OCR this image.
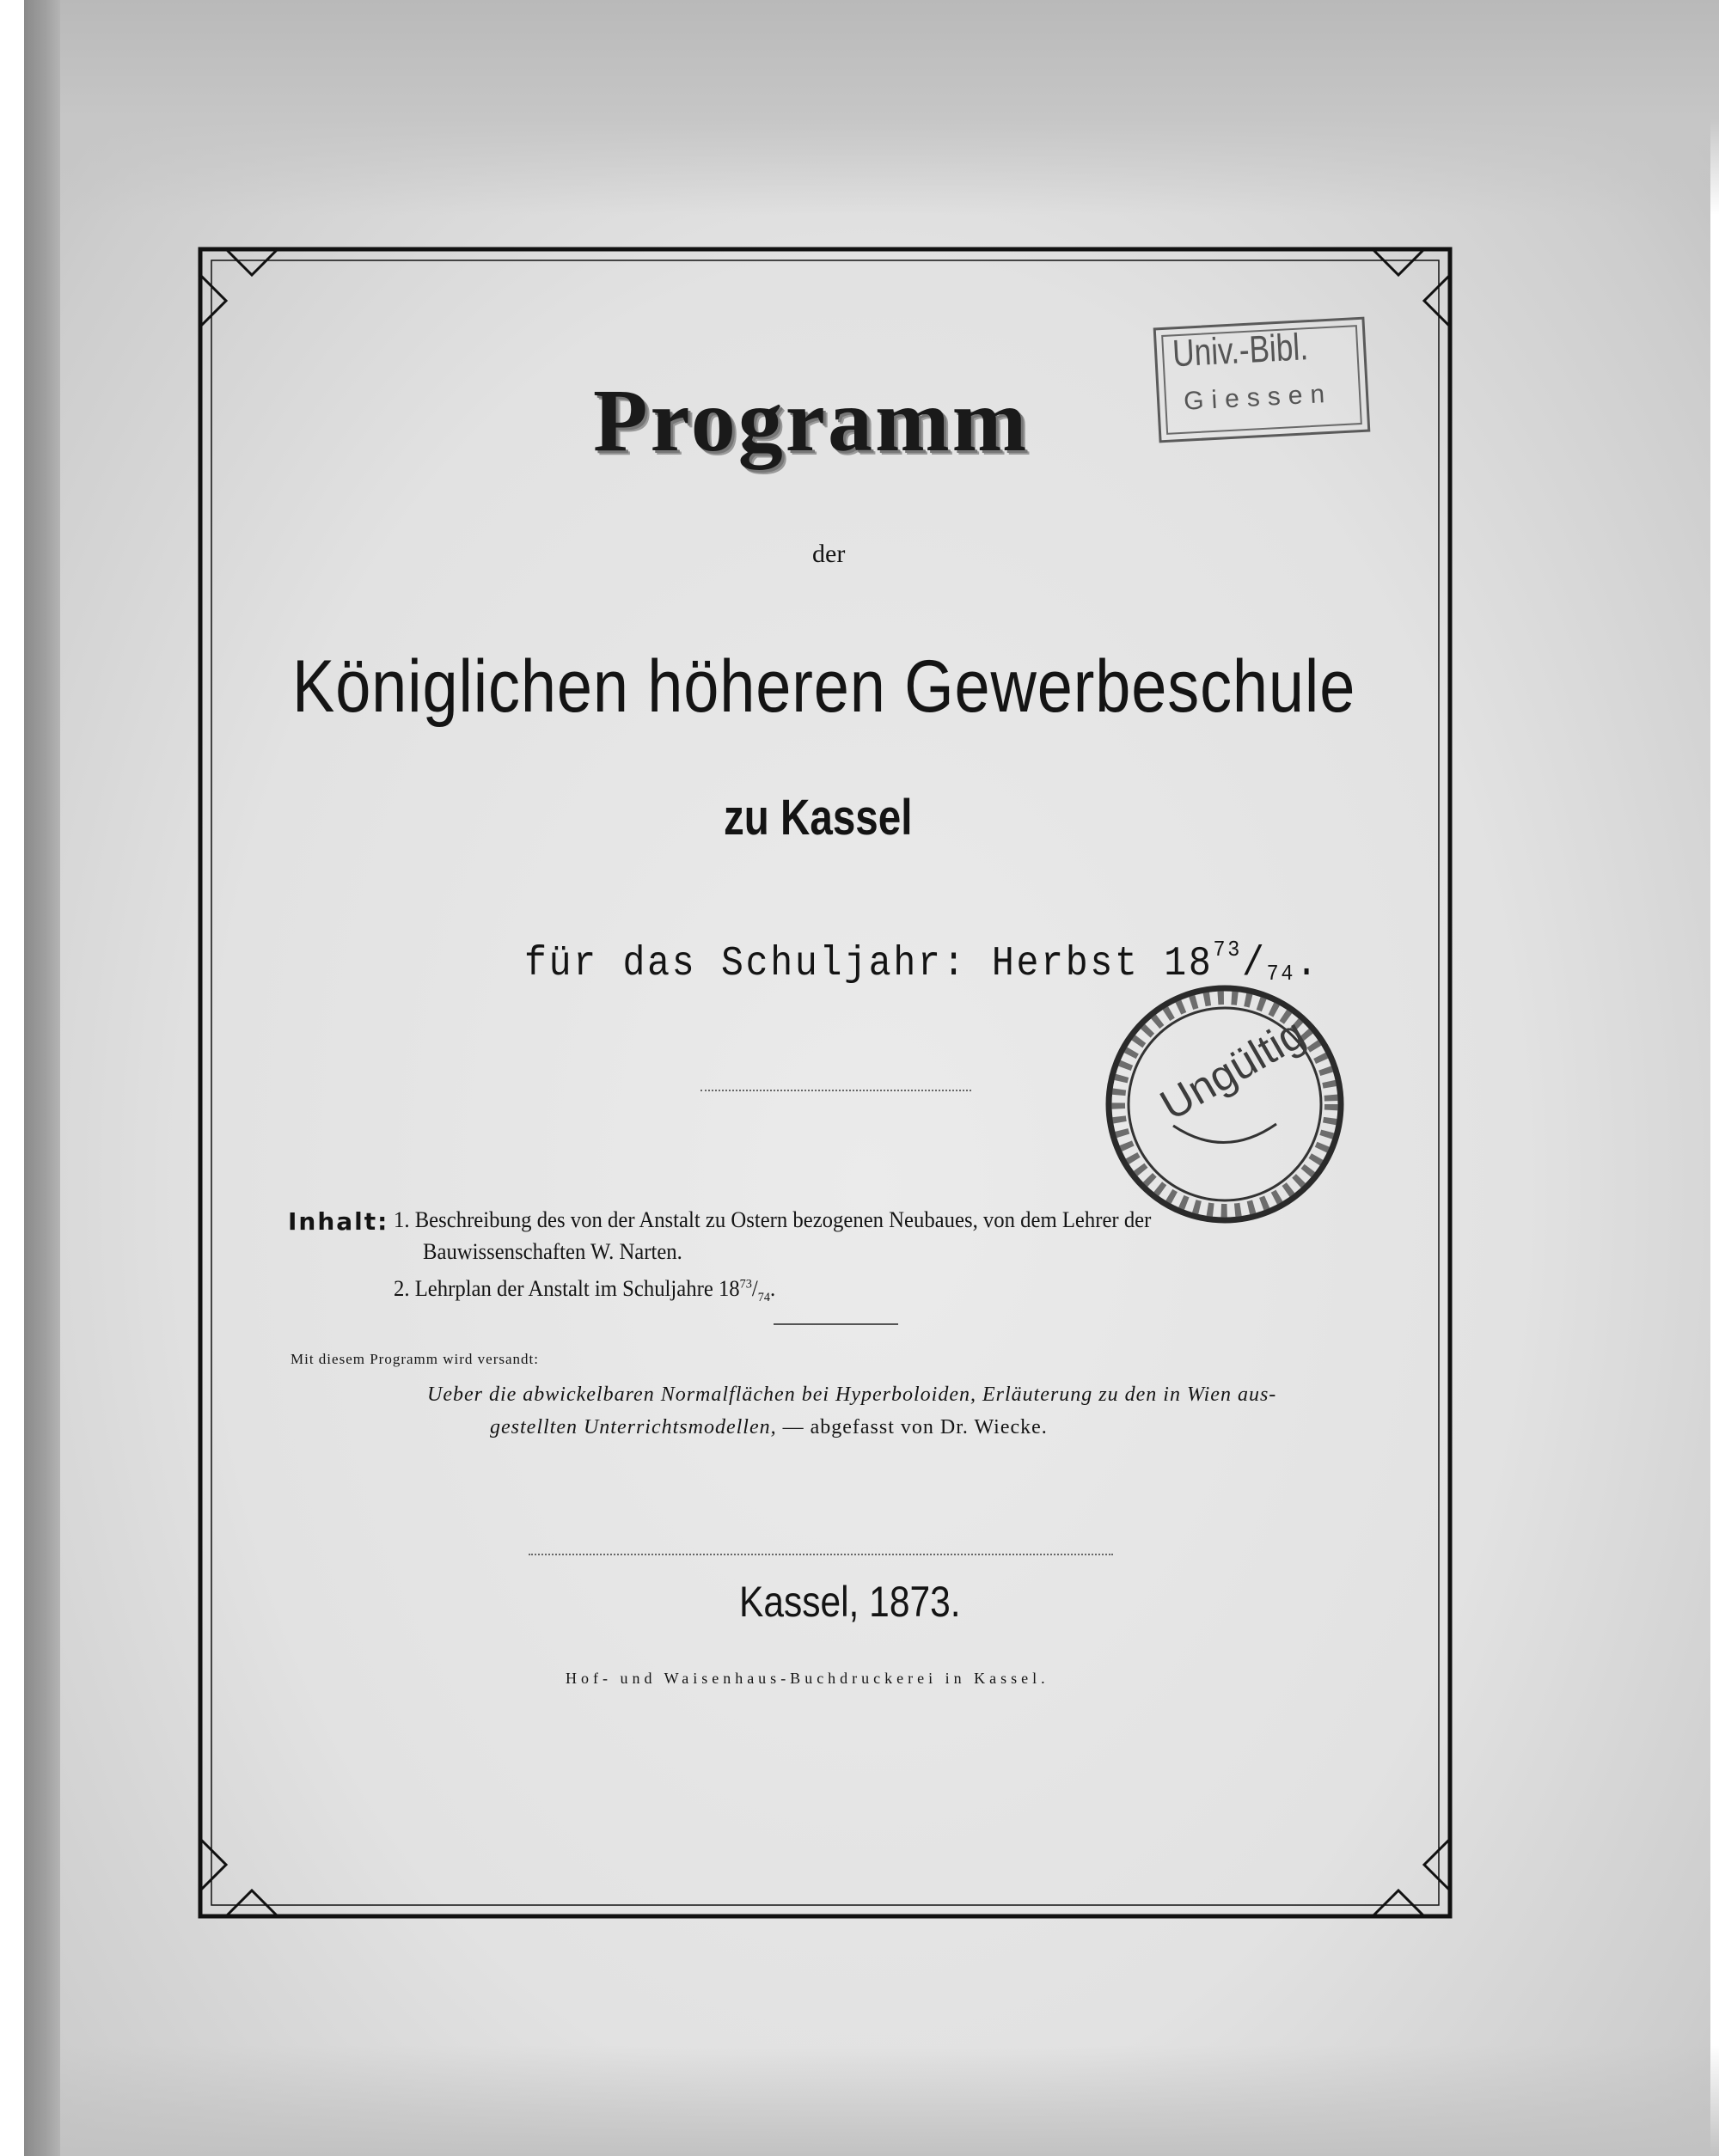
Programm

der

Königlichen höheren Gewerbeschule

zu Kassel

für das Schuljahr: Herbst $18^{73}/_{74}$.

Inhalt: 1. Beschreibung des von der Anstalt zu Ostern bezogenen Neubaues, von dem Lehrer der

Bauwissenschaften W. Narten.

2. Lehrplan der Anstalt im Schuljahre $18^{73}/_{74}$.

Mit diesem Programm wird versandt:

Ueber die abwickelbaren Normalflächen bei Hyperboloiden, Erläuterung zu den in Wien aus-

gestellten Unterrichtsmodellen, — abgefasst von Dr. Wiecke.

Kassel, 1873.

Hof- und Waisenhaus-Buchdruckerei in Kassel.

Univ.-Bibl.

Giessen

Ungültig
